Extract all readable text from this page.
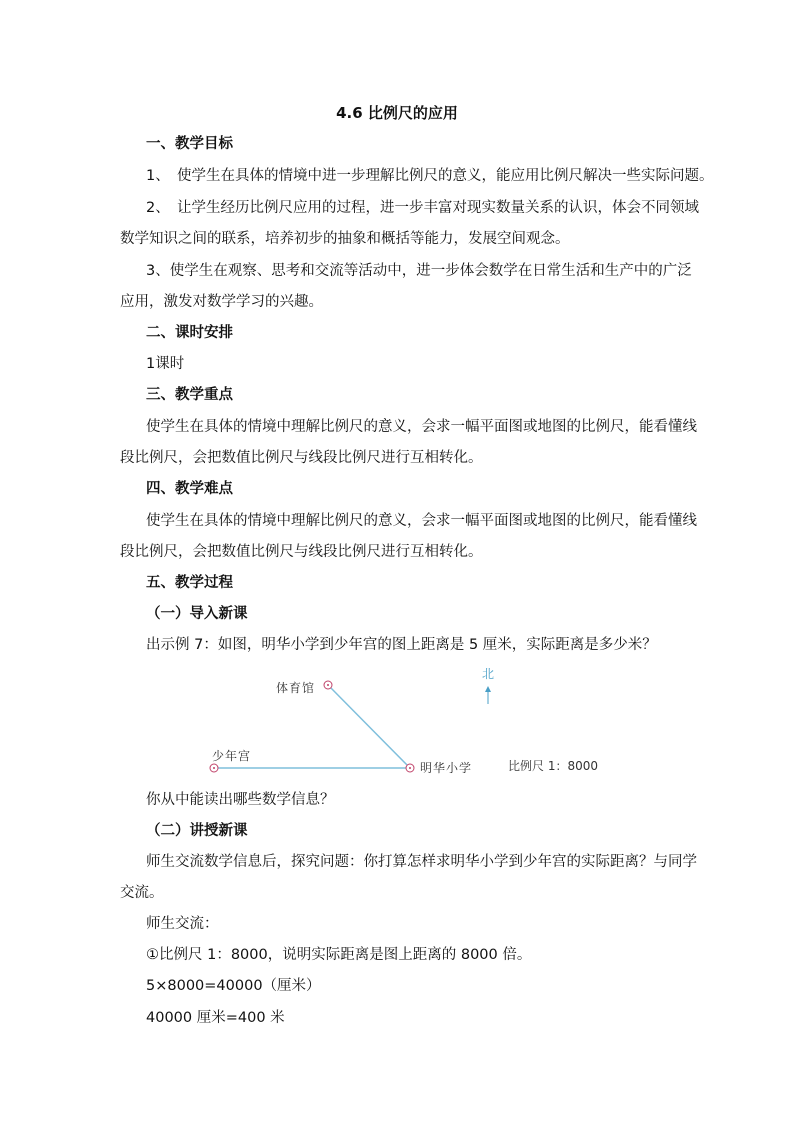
4.6 比例尺的应用
一、教学目标
1、　使学生在具体的情境中进一步理解比例尺的意义，能应用比例尺解决一些实际问题。
2、　让学生经历比例尺应用的过程，进一步丰富对现实数量关系的认识，体会不同领域
数学知识之间的联系，培养初步的抽象和概括等能力，发展空间观念。
3、使学生在观察、思考和交流等活动中，进一步体会数学在日常生活和生产中的广泛
应用，激发对数学学习的兴趣。
二、课时安排
1课时
三、教学重点
使学生在具体的情境中理解比例尺的意义，会求一幅平面图或地图的比例尺，能看懂线
段比例尺，会把数值比例尺与线段比例尺进行互相转化。
四、教学难点
使学生在具体的情境中理解比例尺的意义，会求一幅平面图或地图的比例尺，能看懂线
段比例尺，会把数值比例尺与线段比例尺进行互相转化。
五、教学过程
（一）导入新课
出示例 7：如图，明华小学到少年宫的图上距离是 5 厘米，实际距离是多少米？
体育馆
少年宫
明华小学
北
比例尺 1：8000
你从中能读出哪些数学信息？
（二）讲授新课
师生交流数学信息后，探究问题：你打算怎样求明华小学到少年宫的实际距离？与同学
交流。
师生交流：
①比例尺 1：8000，说明实际距离是图上距离的 8000 倍。
5×8000=40000（厘米）
40000 厘米=400 米
